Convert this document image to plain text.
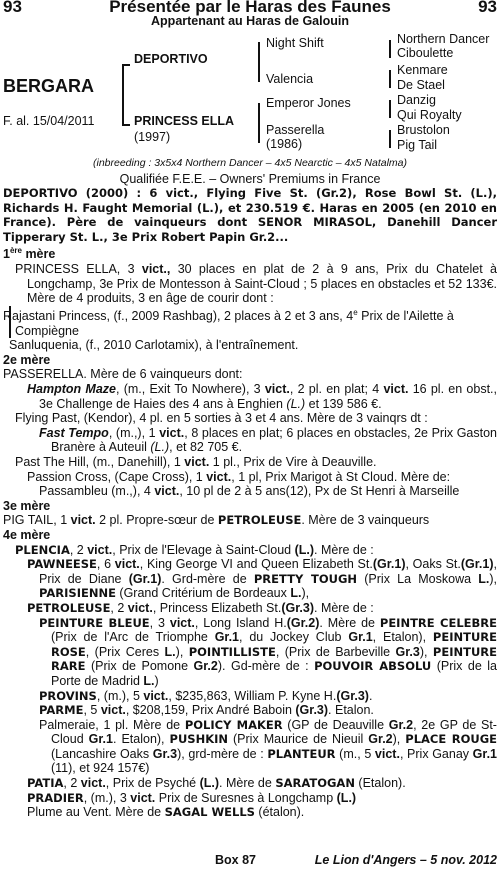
93	Présentée par le Haras des Faunes	93
Appartenant au Haras de Galouin
BERGARA
F. al. 15/04/2011
DEPORTIVO
PRINCESS ELLA
(1997)
Night Shift
Valencia
Emperor Jones
Passerella
(1986)
Northern Dancer
Ciboulette
Kenmare
De Stael
Danzig
Qui Royalty
Brustolon
Pig Tail
(inbreeding : 3x5x4 Northern Dancer – 4x5 Nearctic – 4x5 Natalma)
Qualifiée F.E.E. – Owners' Premiums in France

DEPORTIVO (2000) : 6 vict., Flying Five St. (Gr.2), Rose Bowl St. (L.), Richards H. Faught Memorial (L.), et 230.519 €. Haras en 2005 (en 2010 en France). Père de vainqueurs dont SENOR MIRASOL, Danehill Dancer Tipperary St. L., 3e Prix Robert Papin Gr.2...

1ère mère

PRINCESS ELLA, 3 vict., 30 places en plat de 2 à 9 ans, Prix du Chatelet à Longchamp, 3e Prix de Montesson à Saint-Cloud ; 5 places en obstacles et 52 133€. Mère de 4 produits, 3 en âge de courir dont :

Rajastani Princess, (f., 2009 Rashbag), 2 places à 2 et 3 ans, 4e Prix de l'Ailette à Compiègne

Sanluquenia, (f., 2010 Carlotamix), à l'entraînement.

2e mère

PASSERELLA. Mère de 6 vainqueurs dont:

Hampton Maze, (m., Exit To Nowhere), 3 vict., 2 pl. en plat; 4 vict. 16 pl. en obst., 3e Challenge de Haies des 4 ans à Enghien (L.) et 139 586 €.

Flying Past, (Kendor), 4 pl. en 5 sorties à 3 et 4 ans. Mère de 3 vainqrs dt :

Fast Tempo, (m.,), 1 vict., 8 places en plat; 6 places en obstacles, 2e Prix Gaston Branère à Auteuil (L.), et 82 705 €.

Past The Hill, (m., Danehill), 1 vict. 1 pl., Prix de Vire à Deauville.

Passion Cross, (Cape Cross), 1 vict., 1 pl, Prix Marigot à St Cloud. Mère de: Passambleu (m.,), 4 vict., 10 pl de 2 à 5 ans(12), Px de St Henri à Marseille

3e mère

PIG TAIL, 1 vict. 2 pl. Propre-sœur de PETROLEUSE. Mère de 3 vainqueurs

4e mère

PLENCIA, 2 vict., Prix de l'Elevage à Saint-Cloud (L.). Mère de :

PAWNEESE, 6 vict., King George VI and Queen Elizabeth St.(Gr.1), Oaks St.(Gr.1), Prix de Diane (Gr.1). Grd-mère de PRETTY TOUGH (Prix La Moskowa L.), PARISIENNE (Grand Critérium de Bordeaux L.),

PETROLEUSE, 2 vict., Princess Elizabeth St.(Gr.3). Mère de :

PEINTURE BLEUE, 3 vict., Long Island H.(Gr.2). Mère de PEINTRE CELEBRE (Prix de l'Arc de Triomphe Gr.1, du Jockey Club Gr.1, Etalon), PEINTURE ROSE, (Prix Ceres L.), POINTILLISTE, (Prix de Barbeville Gr.3), PEINTURE RARE (Prix de Pomone Gr.2). Gd-mère de : POUVOIR ABSOLU (Prix de la Porte de Madrid L.)

PROVINS, (m.), 5 vict., $235,863, William P. Kyne H.(Gr.3).

PARME, 5 vict., $208,159, Prix André Baboin (Gr.3). Etalon.

Palmeraie, 1 pl. Mère de POLICY MAKER (GP de Deauville Gr.2, 2e GP de St-Cloud Gr.1. Etalon), PUSHKIN (Prix Maurice de Nieuil Gr.2), PLACE ROUGE (Lancashire Oaks Gr.3), grd-mère de : PLANTEUR (m., 5 vict., Prix Ganay Gr.1 (11), et 924 157€)

PATIA, 2 vict., Prix de Psyché (L.). Mère de SARATOGAN (Etalon).

PRADIER, (m.), 3 vict. Prix de Suresnes à Longchamp (L.)

Plume au Vent. Mère de SAGAL WELLS (étalon).

Box 87	Le Lion d'Angers – 5 nov. 2012
